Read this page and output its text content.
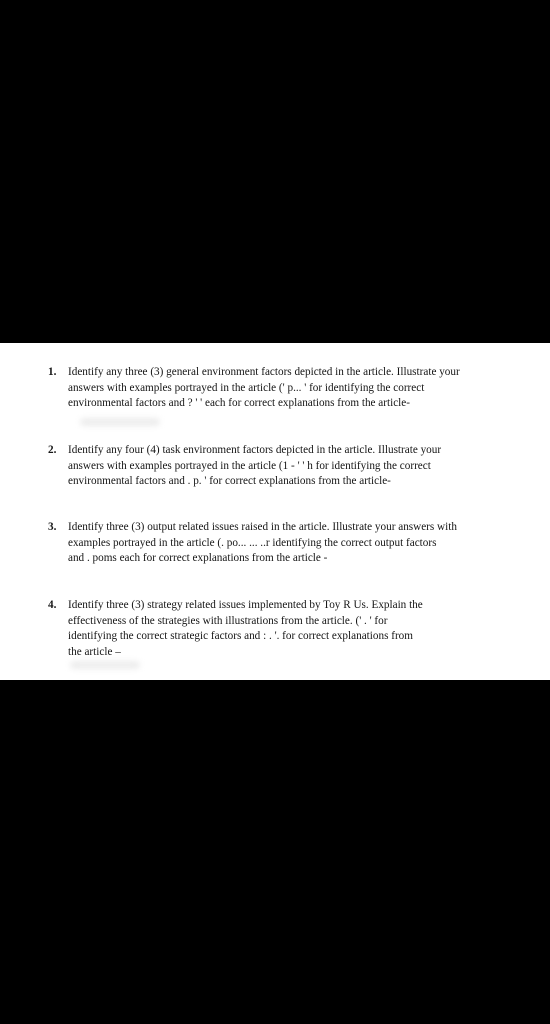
1.	Identify any three (3) general environment factors depicted in the article. Illustrate your
answers with examples portrayed in the article (' p... ' for identifying the correct
environmental factors and ? ' ' each for correct explanations from the article-
2.	Identify any four (4) task environment factors depicted in the article. Illustrate your
answers with examples portrayed in the article (1 - ' ' h for identifying the correct
environmental factors and . p. ' for correct explanations from the article-
3.	Identify three (3) output related issues raised in the article. Illustrate your answers with
examples portrayed in the article (. po... ... ..r identifying the correct output factors
and . poms each for correct explanations from the article -
4.	Identify three (3) strategy related issues implemented by Toy R Us. Explain the
effectiveness of the strategies with illustrations from the article. (' . ' for
identifying the correct strategic factors and : . '. for correct explanations from
the article –
